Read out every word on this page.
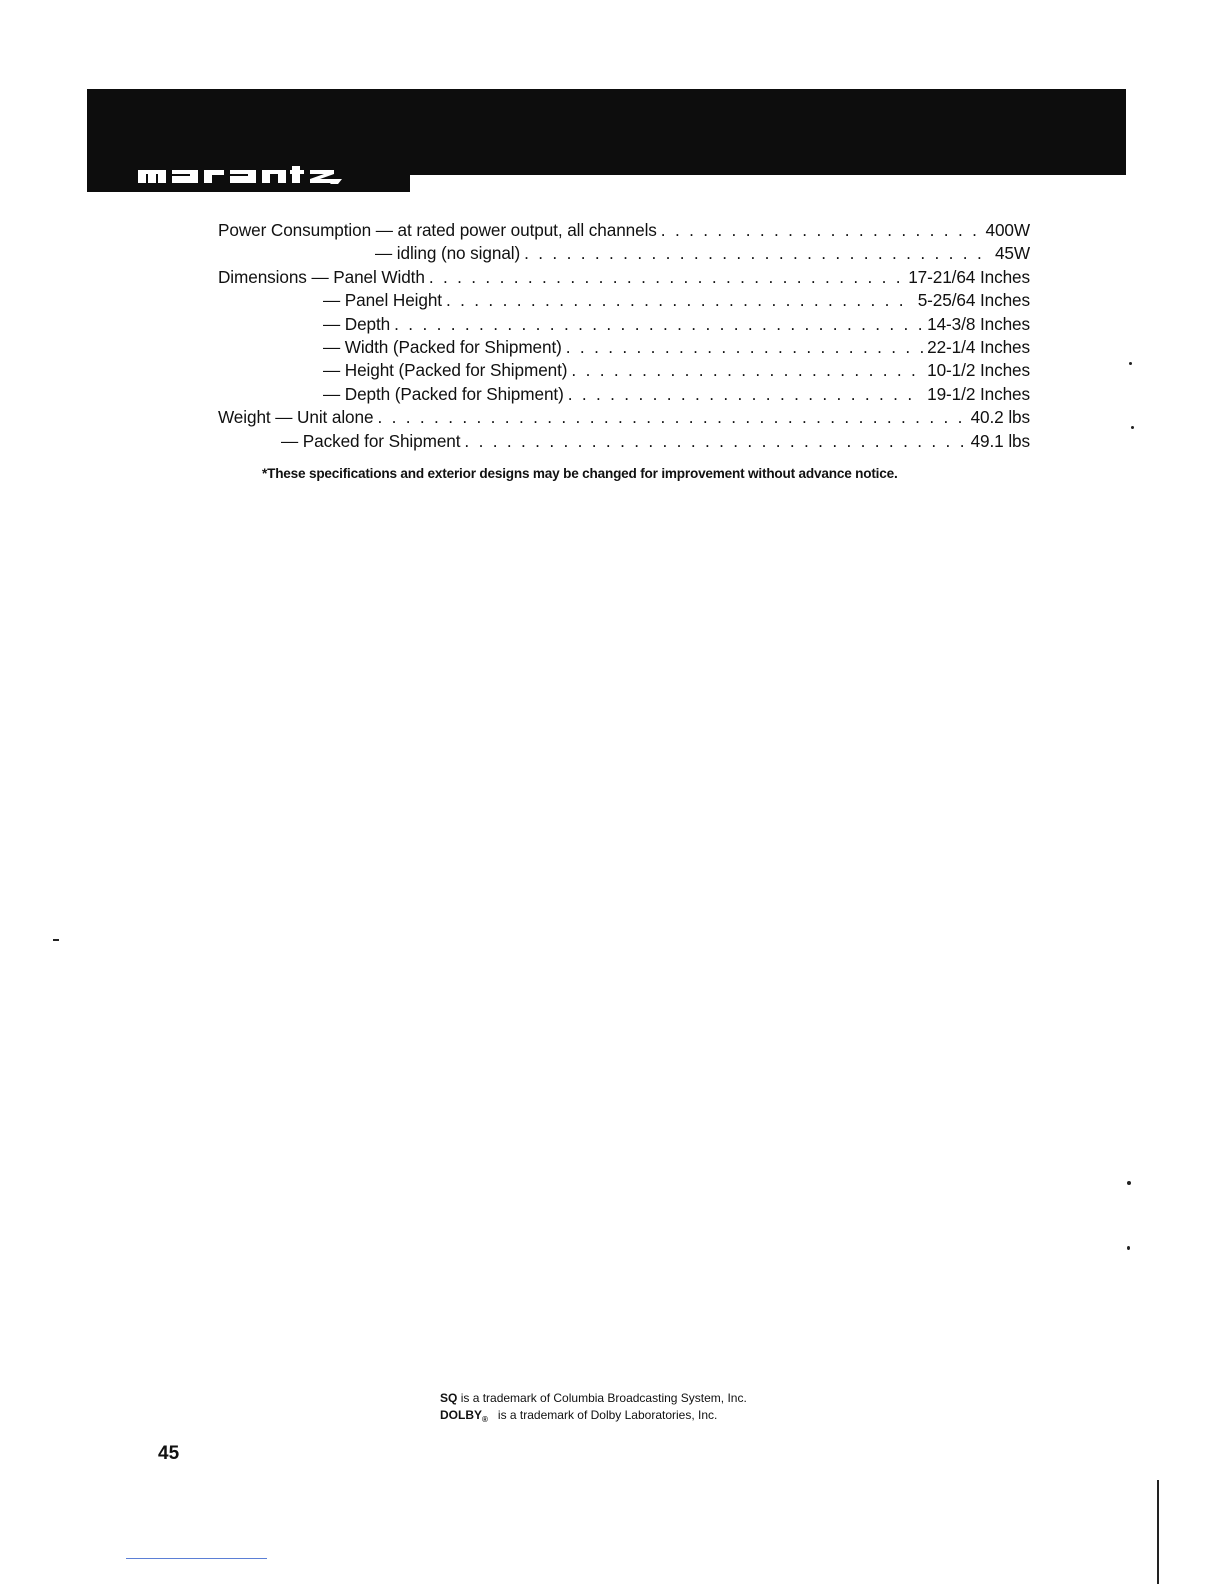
Power Consumption — at rated power output, all channels . . .	400W
— idling (no signal) . . .	45W
Dimensions — Panel Width . . .	17-21/64 Inches
— Panel Height . . .	5-25/64 Inches
— Depth . . .	14-3/8 Inches
— Width (Packed for Shipment) . . .	22-1/4 Inches
— Height (Packed for Shipment) . . .	10-1/2 Inches
— Depth (Packed for Shipment) . . .	19-1/2 Inches
Weight — Unit alone . . .	40.2 lbs
— Packed for Shipment . . .	49.1 lbs
*These specifications and exterior designs may be changed for improvement without advance notice.
SQ is a trademark of Columbia Broadcasting System, Inc.
$DOLBY_®$ is a trademark of Dolby Laboratories, Inc.
45
